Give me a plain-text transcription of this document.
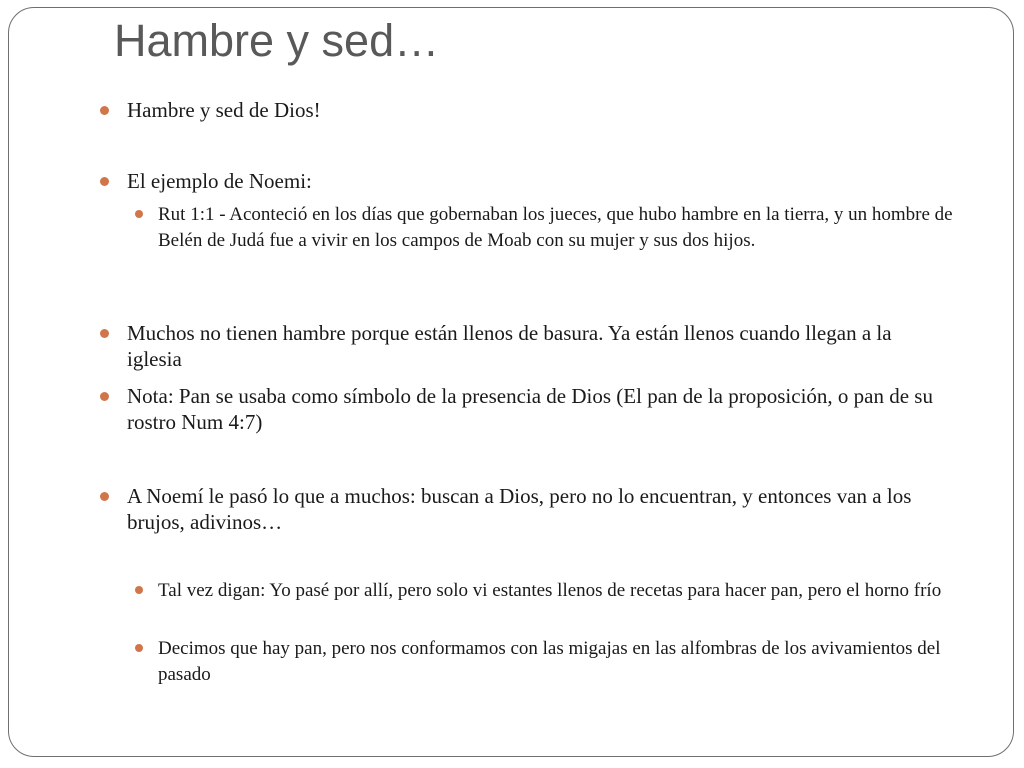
Hambre y sed…
Hambre y sed de Dios!
El ejemplo de Noemi:
Rut 1:1 - Aconteció en los días que gobernaban los jueces, que hubo hambre en la tierra, y un hombre de Belén de Judá fue a vivir en los campos de Moab con su mujer y sus dos hijos.
Muchos no tienen hambre porque están llenos de basura. Ya están llenos cuando llegan a la iglesia
Nota: Pan se usaba como símbolo de la presencia de Dios (El pan de la proposición, o pan de su rostro Num 4:7)
A Noemí le pasó lo que a muchos: buscan a Dios, pero no lo encuentran, y entonces van a los brujos, adivinos…
Tal vez digan: Yo pasé por allí, pero solo vi estantes llenos de recetas para hacer pan, pero el horno frío
Decimos que hay pan, pero nos conformamos con las migajas en las alfombras de los avivamientos del pasado
